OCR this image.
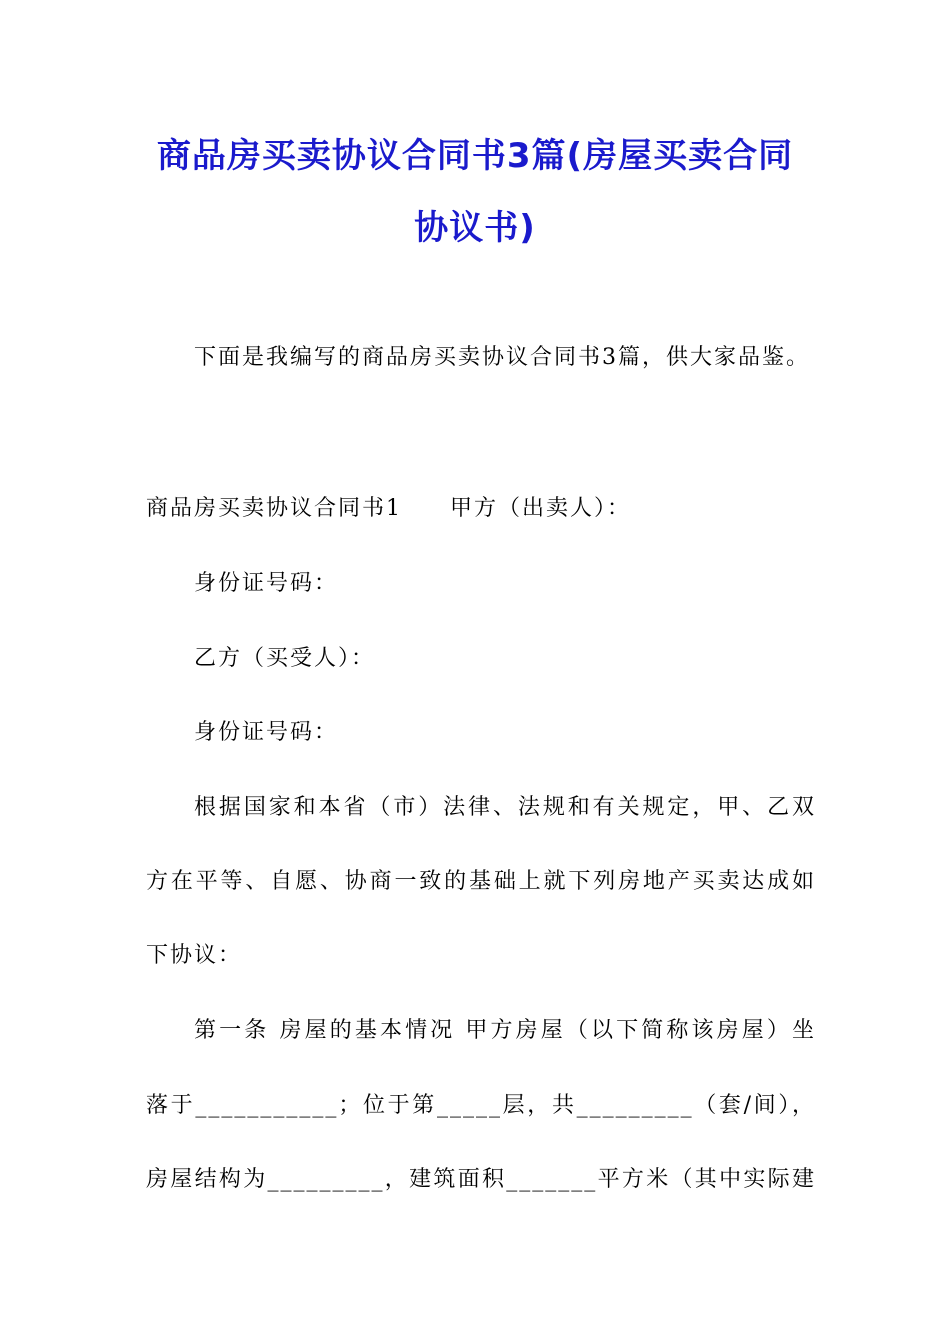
商品房买卖协议合同书3篇(房屋买卖合同
协议书)

下面是我编写的商品房买卖协议合同书3篇，供大家品鉴。

商品房买卖协议合同书1　　甲方（出卖人）：

身份证号码：

乙方（买受人）：

身份证号码：

根据国家和本省（市）法律、法规和有关规定，甲、乙双

方在平等、自愿、协商一致的基础上就下列房地产买卖达成如

下协议：

第一条 房屋的基本情况 甲方房屋（以下简称该房屋）坐

落于___________；位于第_____层，共_________（套/间），

房屋结构为_________，建筑面积_______平方米（其中实际建
